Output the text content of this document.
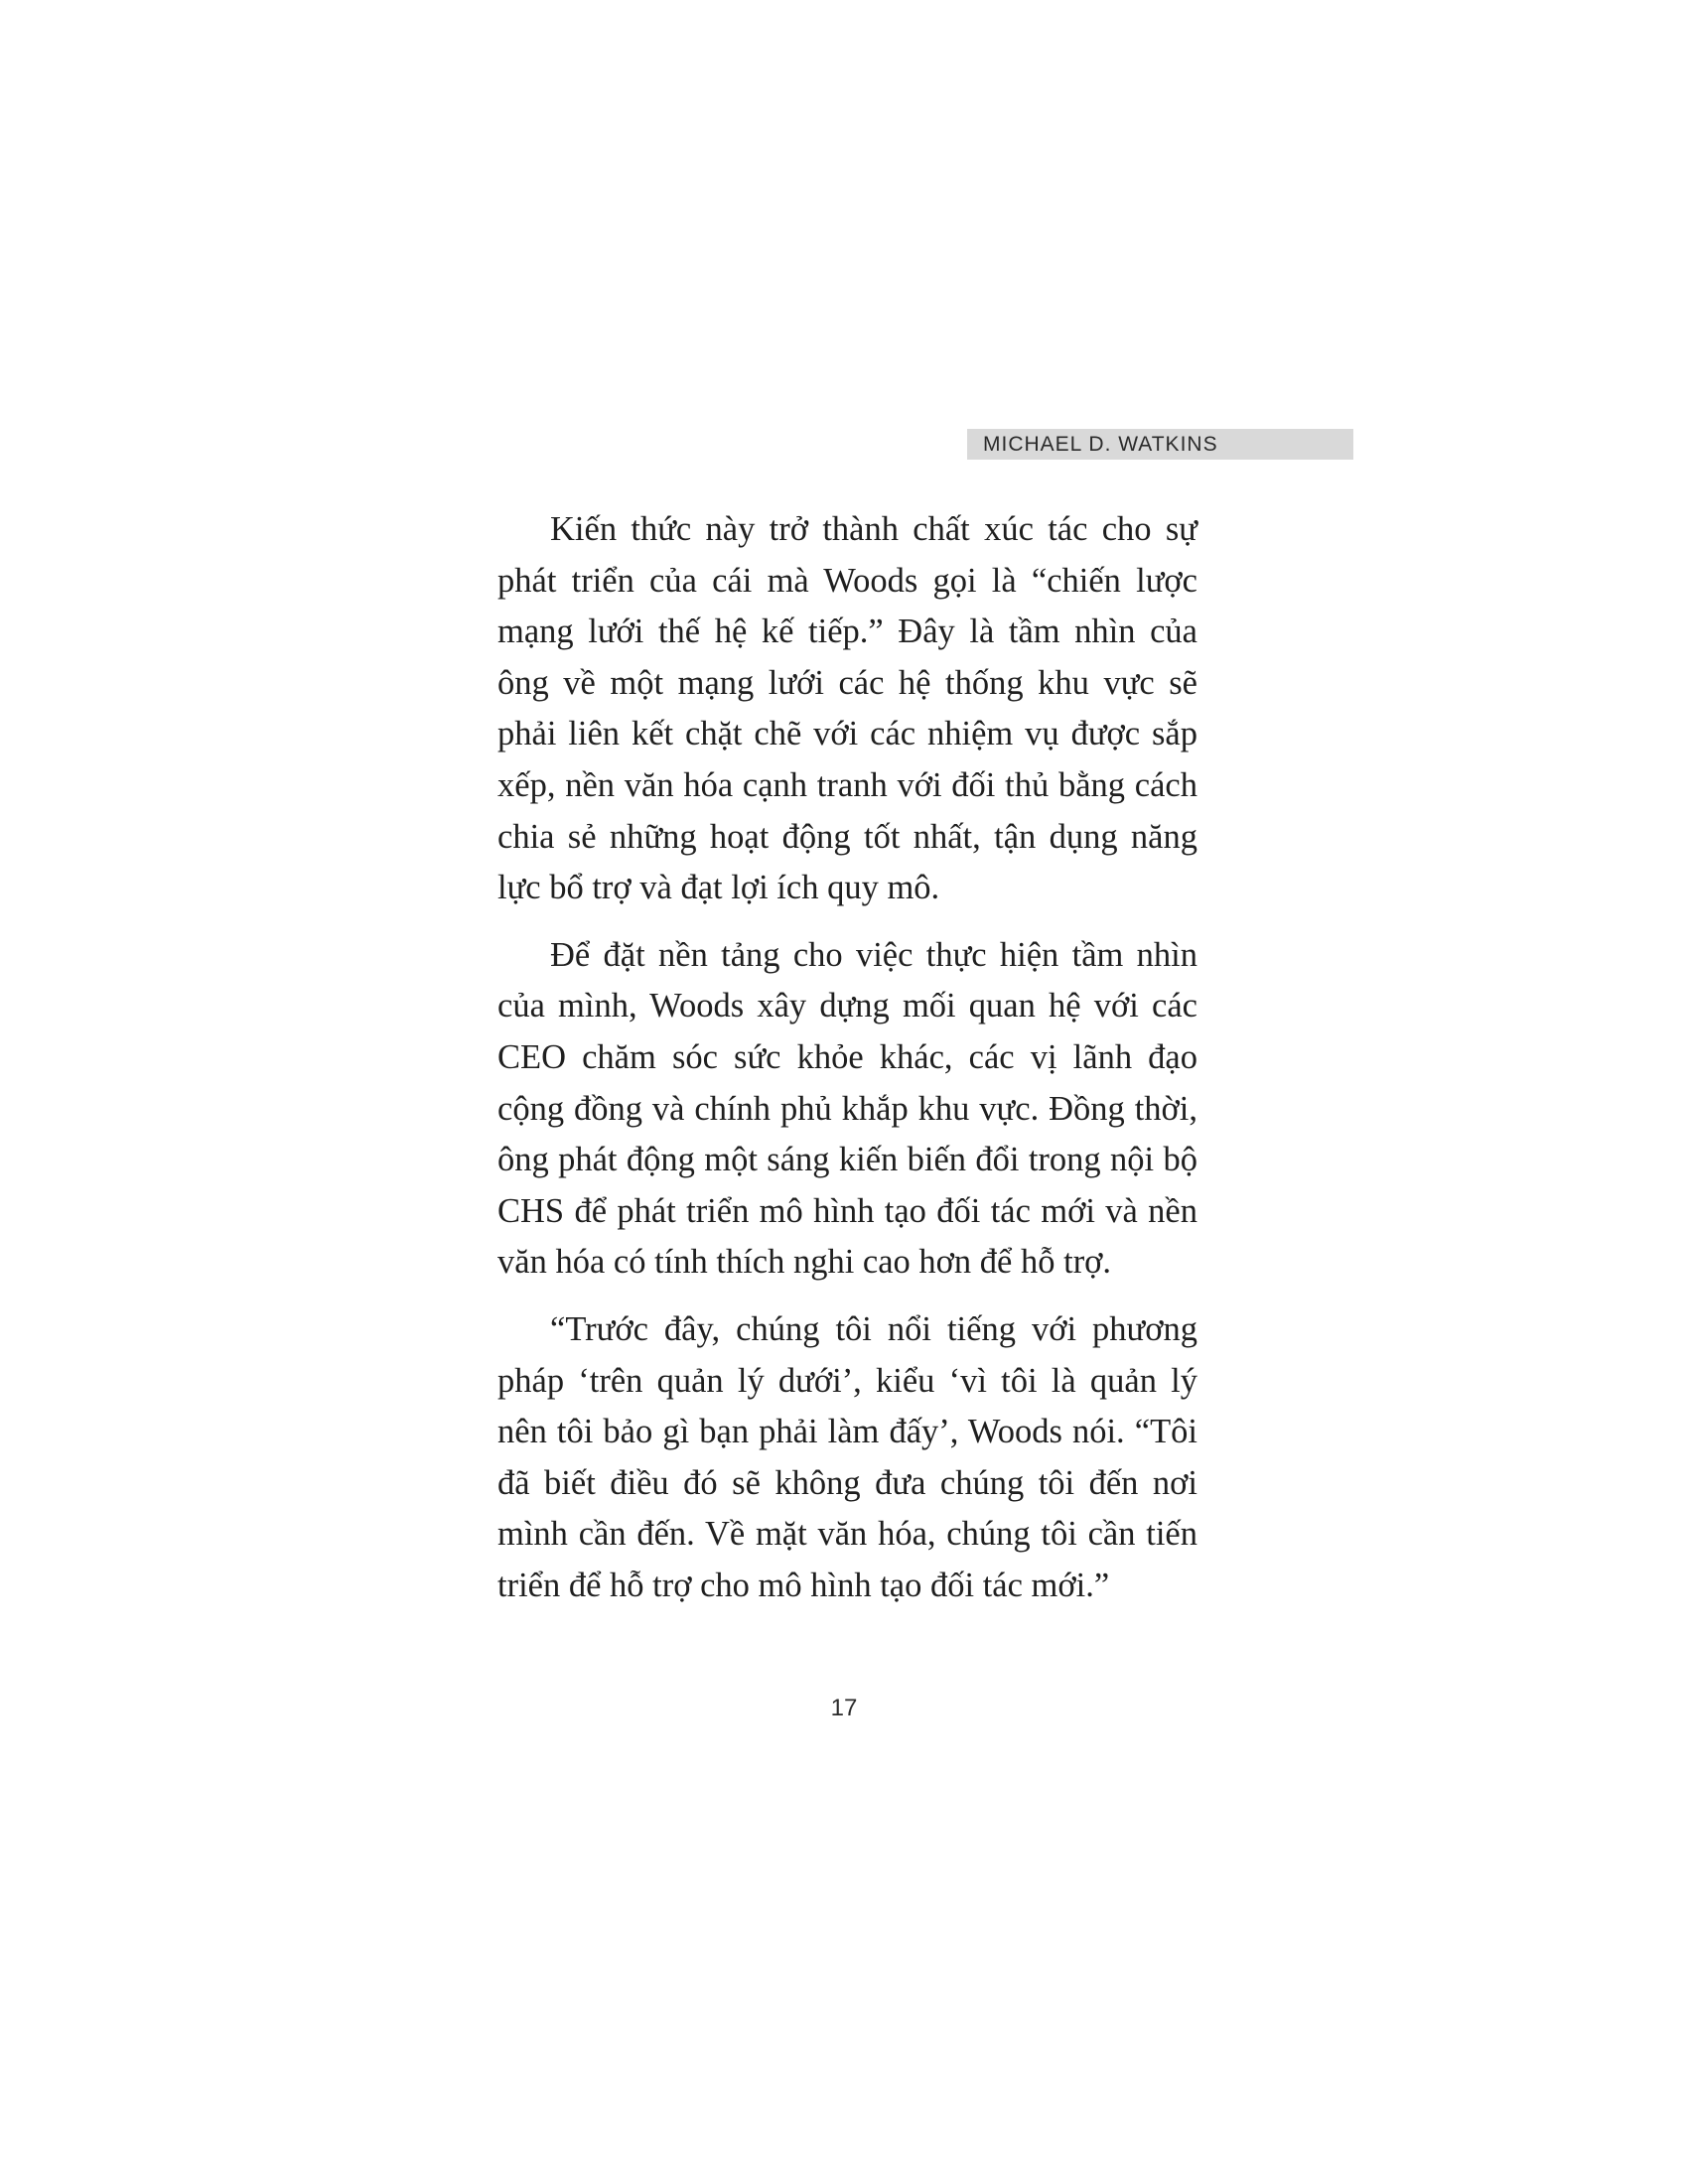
MICHAEL D. WATKINS

Kiến thức này trở thành chất xúc tác cho sự phát triển của cái mà Woods gọi là “chiến lược mạng lưới thế hệ kế tiếp.” Đây là tầm nhìn của ông về một mạng lưới các hệ thống khu vực sẽ phải liên kết chặt chẽ với các nhiệm vụ được sắp xếp, nền văn hóa cạnh tranh với đối thủ bằng cách chia sẻ những hoạt động tốt nhất, tận dụng năng lực bổ trợ và đạt lợi ích quy mô.

Để đặt nền tảng cho việc thực hiện tầm nhìn của mình, Woods xây dựng mối quan hệ với các CEO chăm sóc sức khỏe khác, các vị lãnh đạo cộng đồng và chính phủ khắp khu vực. Đồng thời, ông phát động một sáng kiến biến đổi trong nội bộ CHS để phát triển mô hình tạo đối tác mới và nền văn hóa có tính thích nghi cao hơn để hỗ trợ.

“Trước đây, chúng tôi nổi tiếng với phương pháp ‘trên quản lý dưới’, kiểu ‘vì tôi là quản lý nên tôi bảo gì bạn phải làm đấy’, Woods nói. “Tôi đã biết điều đó sẽ không đưa chúng tôi đến nơi mình cần đến. Về mặt văn hóa, chúng tôi cần tiến triển để hỗ trợ cho mô hình tạo đối tác mới.”

17
